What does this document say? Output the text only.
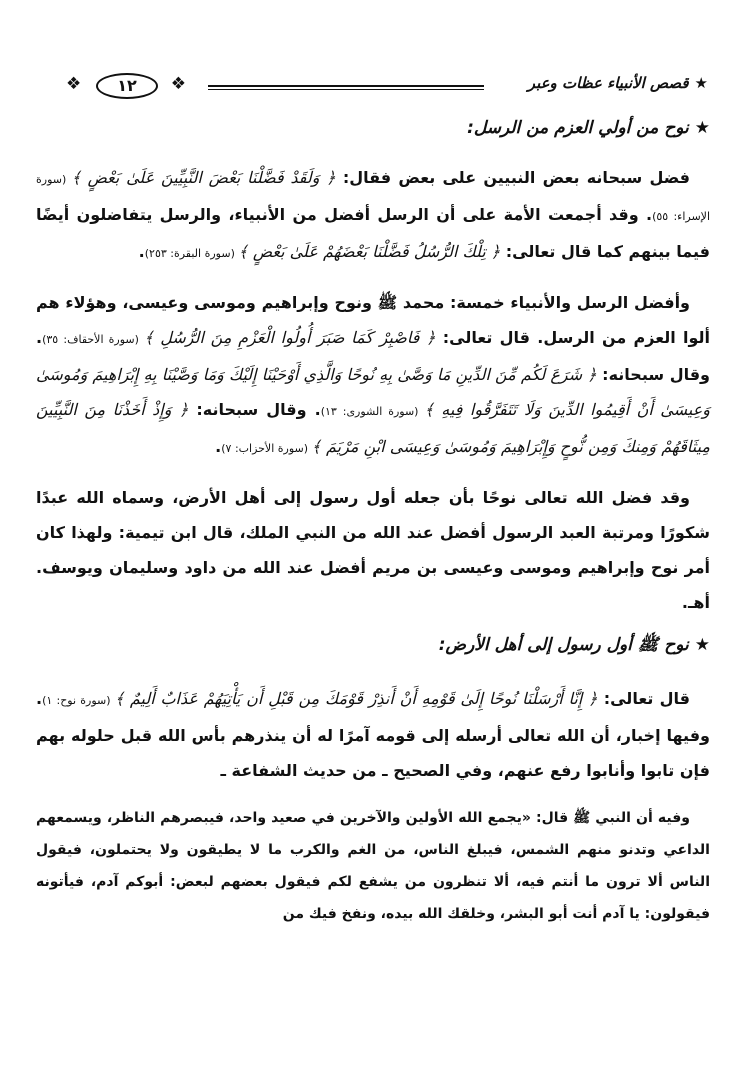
★قصص الأنبياء عظات وعبر
❖	١٢	❖
★نوح من أولي العزم من الرسل:

فضل سبحانه بعض النبيين على بعض فقال: ﴿ وَلَقَدْ فَضَّلْنَا بَعْضَ النَّبِيِّينَ عَلَىٰ بَعْضٍ ﴾ (سورة الإسراء: ٥٥). وقد أجمعت الأمة على أن الرسل أفضل من الأنبياء، والرسل يتفاضلون أيضًا فيما بينهم كما قال تعالى: ﴿ تِلْكَ الرُّسُلُ فَضَّلْنَا بَعْضَهُمْ عَلَىٰ بَعْضٍ ﴾ (سورة البقرة: ٢٥٣).

وأفضل الرسل والأنبياء خمسة: محمد ﷺ ونوح وإبراهيم وموسى وعيسى، وهؤلاء هم ألوا العزم من الرسل. قال تعالى: ﴿ فَاصْبِرْ كَمَا صَبَرَ أُولُوا الْعَزْمِ مِنَ الرُّسُلِ ﴾ (سورة الأحقاف: ٣٥). وقال سبحانه: ﴿ شَرَعَ لَكُم مِّنَ الدِّينِ مَا وَصَّىٰ بِهِ نُوحًا وَالَّذِي أَوْحَيْنَا إِلَيْكَ وَمَا وَصَّيْنَا بِهِ إِبْرَاهِيمَ وَمُوسَىٰ وَعِيسَىٰ أَنْ أَقِيمُوا الدِّينَ وَلَا تَتَفَرَّقُوا فِيهِ ﴾ (سورة الشورى: ١٣). وقال سبحانه: ﴿ وَإِذْ أَخَذْنَا مِنَ النَّبِيِّينَ مِيثَاقَهُمْ وَمِنكَ وَمِن نُّوحٍ وَإِبْرَاهِيمَ وَمُوسَىٰ وَعِيسَى ابْنِ مَرْيَمَ ﴾ (سورة الأحزاب: ٧).

وقد فضل الله تعالى نوحًا بأن جعله أول رسول إلى أهل الأرض، وسماه الله عبدًا شكورًا ومرتبة العبد الرسول أفضل عند الله من النبي الملك، قال ابن تيمية: ولهذا كان أمر نوح وإبراهيم وموسى وعيسى بن مريم أفضل عند الله من داود وسليمان ويوسف. أهـ.

★نوح ﷺ أول رسول إلى أهل الأرض:

قال تعالى: ﴿ إِنَّا أَرْسَلْنَا نُوحًا إِلَىٰ قَوْمِهِ أَنْ أَنذِرْ قَوْمَكَ مِن قَبْلِ أَن يَأْتِيَهُمْ عَذَابٌ أَلِيمٌ ﴾ (سورة نوح: ١). وفيها إخبار، أن الله تعالى أرسله إلى قومه آمرًا له أن ينذرهم بأس الله قبل حلوله بهم فإن تابوا وأنابوا رفع عنهم، وفي الصحيح ـ من حديث الشفاعة ـ

وفيه أن النبي ﷺ قال: «يجمع الله الأولين والآخرين في صعيد واحد، فيبصرهم الناظر، ويسمعهم الداعي وتدنو منهم الشمس، فيبلغ الناس، من الغم والكرب ما لا يطيقون ولا يحتملون، فيقول الناس ألا ترون ما أنتم فيه، ألا تنظرون من يشفع لكم فيقول بعضهم لبعض: أبوكم آدم، فيأتونه فيقولون: يا آدم أنت أبو البشر، وخلقك الله بيده، ونفخ فيك من
